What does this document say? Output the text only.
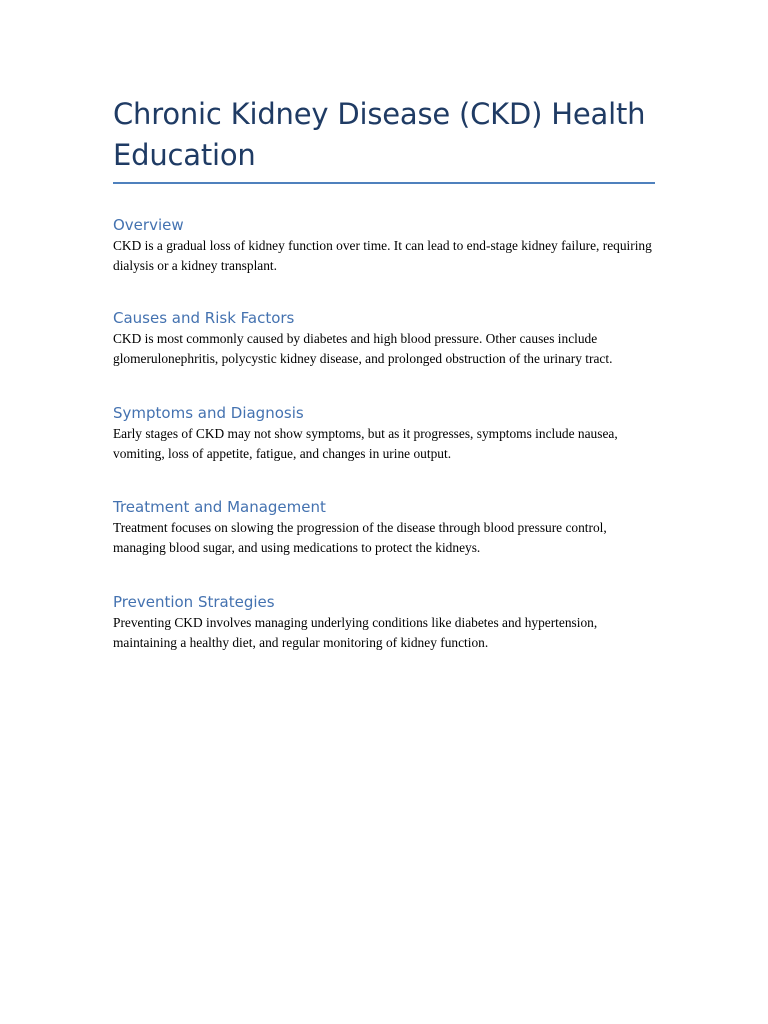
Chronic Kidney Disease (CKD) Health Education
Overview

CKD is a gradual loss of kidney function over time. It can lead to end-stage kidney failure, requiring dialysis or a kidney transplant.

Causes and Risk Factors

CKD is most commonly caused by diabetes and high blood pressure. Other causes include glomerulonephritis, polycystic kidney disease, and prolonged obstruction of the urinary tract.

Symptoms and Diagnosis

Early stages of CKD may not show symptoms, but as it progresses, symptoms include nausea, vomiting, loss of appetite, fatigue, and changes in urine output.

Treatment and Management

Treatment focuses on slowing the progression of the disease through blood pressure control, managing blood sugar, and using medications to protect the kidneys.

Prevention Strategies

Preventing CKD involves managing underlying conditions like diabetes and hypertension, maintaining a healthy diet, and regular monitoring of kidney function.
